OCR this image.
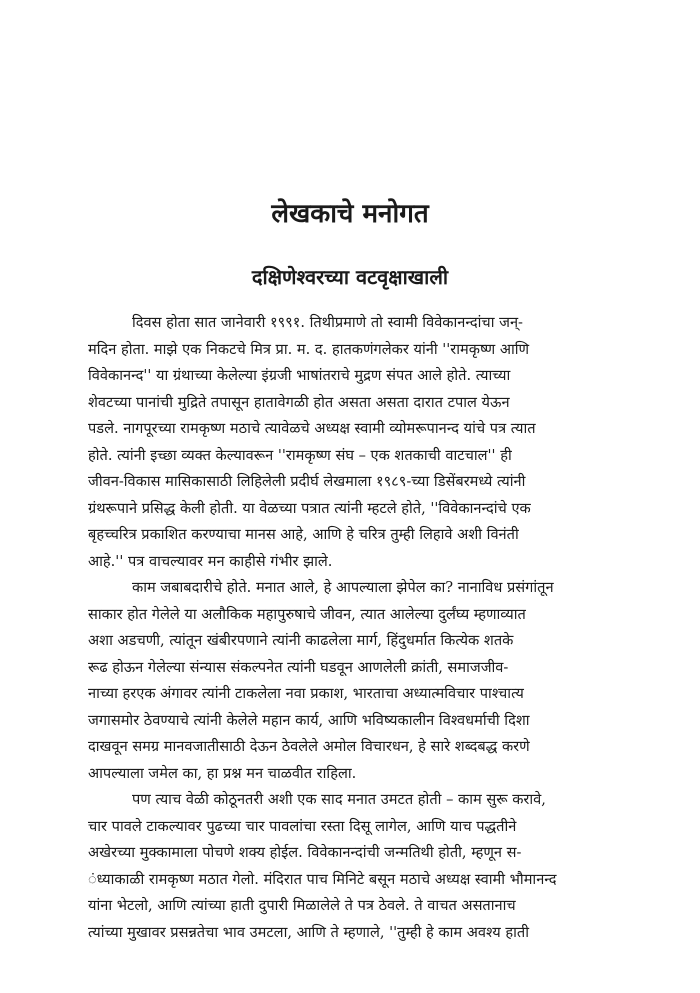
लेखकाचे मनोगत
दक्षिणेश्वरच्या वटवृक्षाखाली

दिवस होता सात जानेवारी १९९१. तिथीप्रमाणे तो स्वामी विवेकानन्दांचा जन्-
मदिन होता. माझे एक निकटचे मित्र प्रा. म. द. हातकणंगलेकर यांनी ''रामकृष्ण आणि
विवेकानन्द'' या ग्रंथाच्या केलेल्या इंग्रजी भाषांतराचे मुद्रण संपत आले होते. त्याच्या
शेवटच्या पानांची मुद्रिते तपासून हातावेगळी होत असता असता दारात टपाल येऊन
पडले. नागपूरच्या रामकृष्ण मठाचे त्यावेळचे अध्यक्ष स्वामी व्योमरूपानन्द यांचे पत्र त्यात
होते. त्यांनी इच्छा व्यक्त केल्यावरून ''रामकृष्ण संघ – एक शतकाची वाटचाल'' ही
जीवन-विकास मासिकासाठी लिहिलेली प्रदीर्घ लेखमाला १९८९-च्या डिसेंबरमध्ये त्यांनी
ग्रंथरूपाने प्रसिद्ध केली होती. या वेळच्या पत्रात त्यांनी म्हटले होते, ''विवेकानन्दांचे एक
बृहच्चरित्र प्रकाशित करण्याचा मानस आहे, आणि हे चरित्र तुम्ही लिहावे अशी विनंती
आहे.'' पत्र वाचल्यावर मन काहीसे गंभीर झाले.

काम जबाबदारीचे होते. मनात आले, हे आपल्याला झेपेल का? नानाविध प्रसंगांतून
साकार होत गेलेले या अलौकिक महापुरुषाचे जीवन, त्यात आलेल्या दुर्लंघ्य म्हणाव्यात
अशा अडचणी, त्यांतून खंबीरपणाने त्यांनी काढलेला मार्ग, हिंदुधर्मात कित्येक शतके
रूढ होऊन गेलेल्या संन्यास संकल्पनेत त्यांनी घडवून आणलेली क्रांती, समाजजीव-
नाच्या हरएक अंगावर त्यांनी टाकलेला नवा प्रकाश, भारताचा अध्यात्मविचार पाश्चात्य
जगासमोर ठेवण्याचे त्यांनी केलेले महान कार्य, आणि भविष्यकालीन विश्वधर्माची दिशा
दाखवून समग्र मानवजातीसाठी देऊन ठेवलेले अमोल विचारधन, हे सारे शब्दबद्ध करणे
आपल्याला जमेल का, हा प्रश्न मन चाळवीत राहिला.

पण त्याच वेळी कोठूनतरी अशी एक साद मनात उमटत होती – काम सुरू करावे,
चार पावले टाकल्यावर पुढच्या चार पावलांचा रस्ता दिसू लागेल, आणि याच पद्धतीने
अखेरच्या मुक्कामाला पोचणे शक्य होईल. विवेकानन्दांची जन्मतिथी होती, म्हणून स-
ंध्याकाळी रामकृष्ण मठात गेलो. मंदिरात पाच मिनिटे बसून मठाचे अध्यक्ष स्वामी भौमानन्द
यांना भेटलो, आणि त्यांच्या हाती दुपारी मिळालेले ते पत्र ठेवले. ते वाचत असतानाच
त्यांच्या मुखावर प्रसन्नतेचा भाव उमटला, आणि ते म्हणाले, ''तुम्ही हे काम अवश्य हाती
